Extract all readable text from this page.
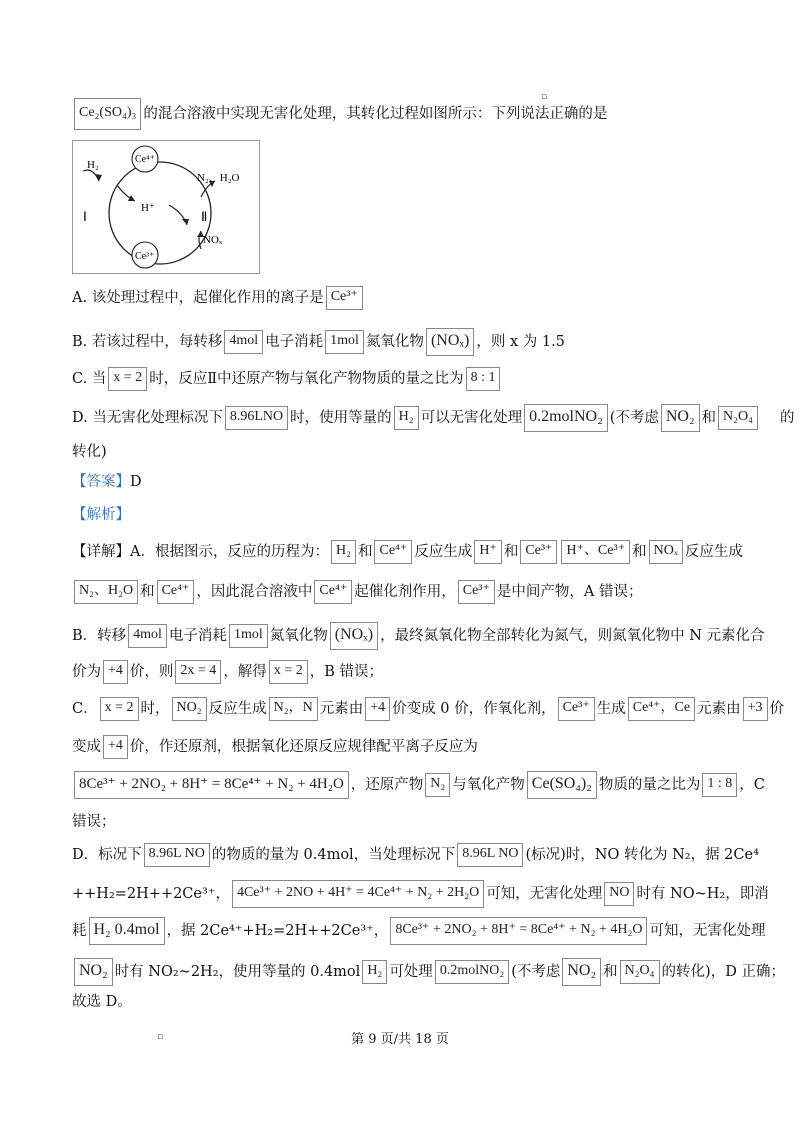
▫
Ce₂(SO₄)₃ 的混合溶液中实现无害化处理，其转化过程如图所示：下列说法正确的是
H₂	Ce⁴⁺
Ce³⁺
H⁺
N₂、H₂O
Ⅰ	Ⅱ
NOₓ
A. 该处理过程中，起催化作用的离子是 Ce³⁺
B. 若该过程中，每转移 4mol 电子消耗 1mol 氮氧化物 (NOₓ) ，则 x 为 1.5
C. 当 x = 2 时，反应Ⅱ中还原产物与氧化产物物质的量之比为 8 : 1
D. 当无害化处理标况下 8.96LNO 时，使用等量的 H₂ 可以无害化处理 0.2molNO₂ (不考虑 NO₂ 和 N₂O₄ 的
转化)
【答案】D
【解析】
【详解】A．根据图示，反应的历程为： H₂ 和 Ce⁴⁺ 反应生成 H⁺ 和 Ce³⁺ H⁺、Ce³⁺ 和 NOₓ 反应生成
N₂、H₂O 和 Ce⁴⁺ ，因此混合溶液中 Ce⁴⁺ 起催化剂作用， Ce³⁺ 是中间产物，A 错误；
B．转移 4mol 电子消耗 1mol 氮氧化物 (NOₓ) ，最终氮氧化物全部转化为氮气，则氮氧化物中 N 元素化合
价为 +4 价，则 2x = 4 ，解得 x = 2 ，B 错误；
C． x = 2 时， NO₂ 反应生成 N₂，N 元素由 +4 价变成 0 价，作氧化剂， Ce³⁺ 生成 Ce⁴⁺，Ce 元素由 +3 价
变成 +4 价，作还原剂，根据氧化还原反应规律配平离子反应为
8Ce³⁺ + 2NO₂ + 8H⁺ = 8Ce⁴⁺ + N₂ + 4H₂O ，还原产物 N₂ 与氧化产物 Ce(SO₄)₂ 物质的量之比为 1 : 8 ，C
错误；
D．标况下 8.96L NO 的物质的量为 0.4mol，当处理标况下 8.96L NO (标况)时，NO 转化为 N₂，据 2Ce⁴
++H₂=2H++2Ce³⁺， 4Ce³⁺ + 2NO + 4H⁺ = 4Ce⁴⁺ + N₂ + 2H₂O 可知，无害化处理 NO 时有 NO~H₂，即消
耗 H₂ 0.4mol ，据 2Ce⁴⁺+H₂=2H++2Ce³⁺， 8Ce³⁺ + 2NO₂ + 8H⁺ = 8Ce⁴⁺ + N₂ + 4H₂O 可知，无害化处理
NO₂ 时有 NO₂~2H₂，使用等量的 0.4mol H₂ 可处理 0.2molNO₂ (不考虑 NO₂ 和 N₂O₄ 的转化)，D 正确；
故选 D。
▫	第 9 页/共 18 页
